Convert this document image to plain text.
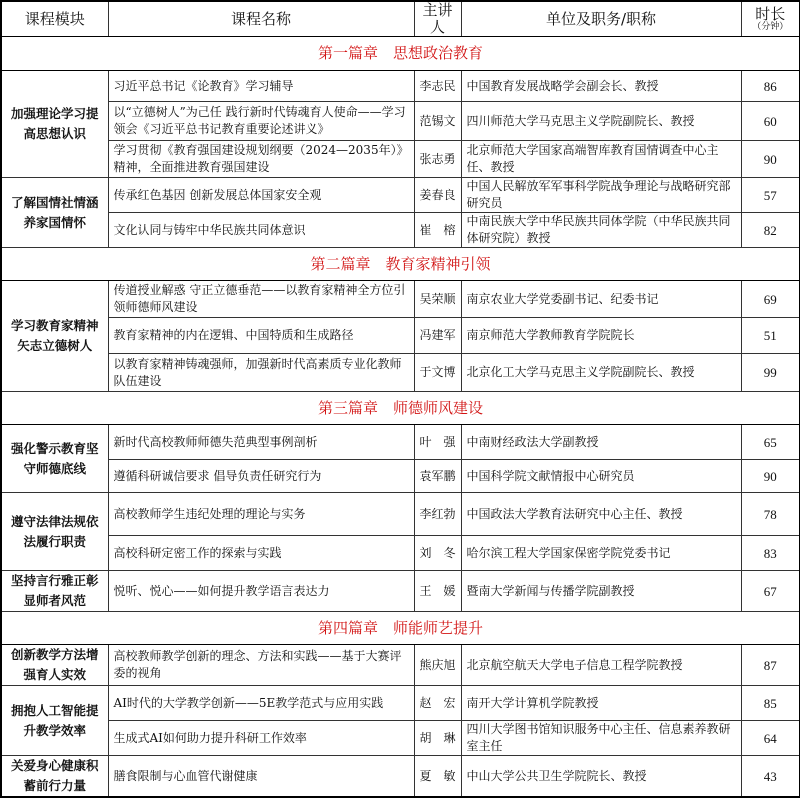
课程模块	课程名称	主讲人	单位及职务/职称	时长
（分钟）

第一篇章　思想政治教育				
加强理论学习提高思想认识	习近平总书记《论教育》学习辅导	李志民	中国教育发展战略学会副会长、教授	86
	以“立德树人”为己任 践行新时代铸魂育人使命——学习领会《习近平总书记教育重要论述讲义》	范锡文	四川师范大学马克思主义学院副院长、教授	60
	学习贯彻《教育强国建设规划纲要（2024—2035年）》精神，全面推进教育强国建设	张志勇	北京师范大学国家高端智库教育国情调查中心主任、教授	90
了解国情社情涵养家国情怀	传承红色基因 创新发展总体国家安全观	姜春良	中国人民解放军军事科学院战争理论与战略研究部研究员	57
	文化认同与铸牢中华民族共同体意识	崔　榕	中南民族大学中华民族共同体学院（中华民族共同体研究院）教授	82
第二篇章　教育家精神引领				
学习教育家精神矢志立德树人	传道授业解惑 守正立德垂范——以教育家精神全方位引领师德师风建设	吴荣顺	南京农业大学党委副书记、纪委书记	69
	教育家精神的内在逻辑、中国特质和生成路径	冯建军	南京师范大学教师教育学院院长	51
	以教育家精神铸魂强师，加强新时代高素质专业化教师队伍建设	于文博	北京化工大学马克思主义学院副院长、教授	99
第三篇章　师德师风建设				
强化警示教育坚守师德底线	新时代高校教师师德失范典型事例剖析	叶　强	中南财经政法大学副教授	65
	遵循科研诚信要求 倡导负责任研究行为	袁军鹏	中国科学院文献情报中心研究员	90
遵守法律法规依法履行职责	高校教师学生违纪处理的理论与实务	李红勃	中国政法大学教育法研究中心主任、教授	78
	高校科研定密工作的探索与实践	刘　冬	哈尔滨工程大学国家保密学院党委书记	83
坚持言行雅正彰显师者风范	悦听、悦心——如何提升教学语言表达力	王　媛	暨南大学新闻与传播学院副教授	67
第四篇章　师能师艺提升				
创新教学方法增强育人实效	高校教师教学创新的理念、方法和实践——基于大赛评委的视角	熊庆旭	北京航空航天大学电子信息工程学院教授	87
拥抱人工智能提升教学效率	AI时代的大学教学创新——5E教学范式与应用实践	赵　宏	南开大学计算机学院教授	85
	生成式AI如何助力提升科研工作效率	胡　琳	四川大学图书馆知识服务中心主任、信息素养教研室主任	64
关爱身心健康积蓄前行力量	膳食限制与心血管代谢健康	夏　敏	中山大学公共卫生学院院长、教授	43
